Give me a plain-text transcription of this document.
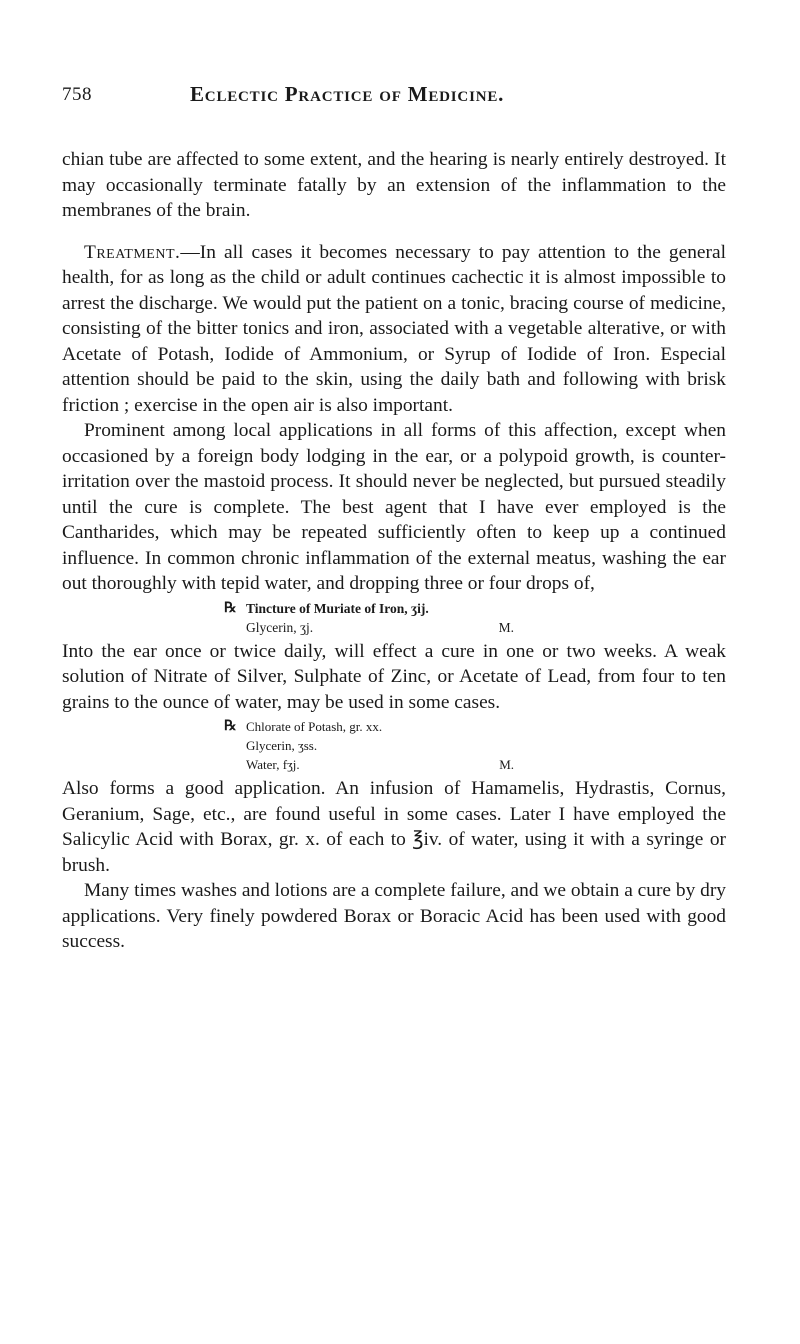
758	Eclectic Practice of Medicine.

chian tube are affected to some extent, and the hearing is nearly entirely destroyed. It may occasionally terminate fatally by an extension of the inflammation to the membranes of the brain.

Treatment.—In all cases it becomes necessary to pay attention to the general health, for as long as the child or adult continues cachectic it is almost impossible to arrest the discharge. We would put the patient on a tonic, bracing course of medicine, consisting of the bitter tonics and iron, associated with a vegetable alterative, or with Acetate of Potash, Iodide of Ammonium, or Syrup of Iodide of Iron. Especial attention should be paid to the skin, using the daily bath and following with brisk friction ; exercise in the open air is also important.

Prominent among local applications in all forms of this affection, except when occasioned by a foreign body lodging in the ear, or a polypoid growth, is counter-irritation over the mastoid process. It should never be neglected, but pursued steadily until the cure is complete. The best agent that I have ever employed is the Cantharides, which may be repeated sufficiently often to keep up a continued influence. In common chronic inflammation of the external meatus, washing the ear out thoroughly with tepid water, and dropping three or four drops of,

℞ Tincture of Muriate of Iron, ʒij.
Glycerin, ʒj.	M.

Into the ear once or twice daily, will effect a cure in one or two weeks. A weak solution of Nitrate of Silver, Sulphate of Zinc, or Acetate of Lead, from four to ten grains to the ounce of water, may be used in some cases.

℞ Chlorate of Potash, gr. xx.
Glycerin, ʒss.
Water, fʒj.	M.

Also forms a good application. An infusion of Hamamelis, Hydrastis, Cornus, Geranium, Sage, etc., are found useful in some cases. Later I have employed the Salicylic Acid with Borax, gr. x. of each to ℥iv. of water, using it with a syringe or brush.

Many times washes and lotions are a complete failure, and we obtain a cure by dry applications. Very finely powdered Borax or Boracic Acid has been used with good success.
